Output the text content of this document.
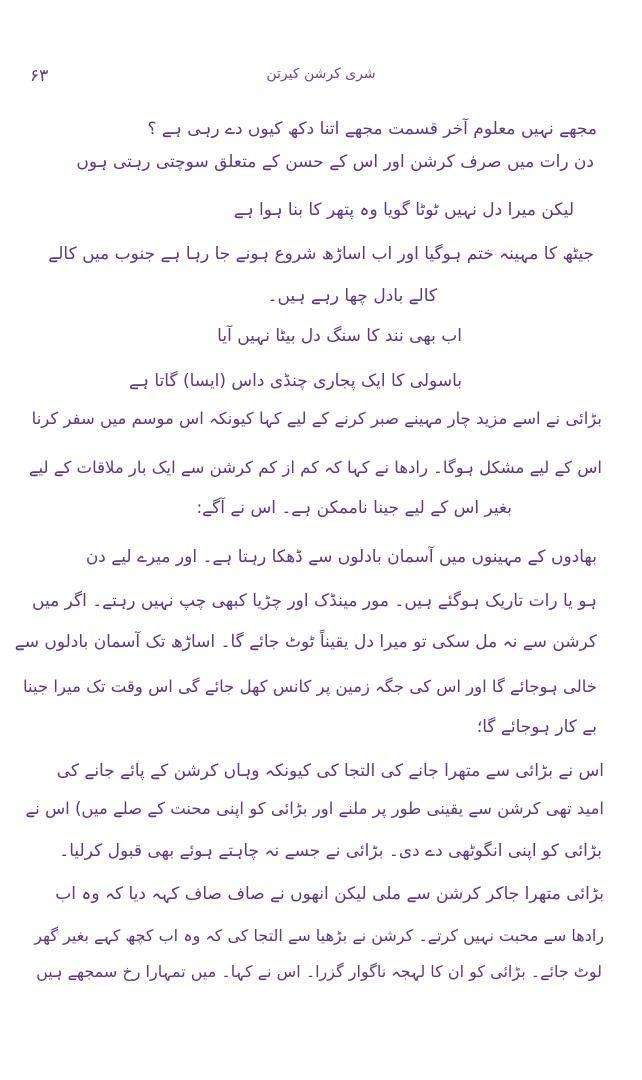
۶۳	شری کرشن کیرتن
مجھے نہیں معلوم آخر قسمت مجھے اتنا دکھ کیوں دے رہی ہے ؟
دن رات میں صرف کرشن اور اس کے حسن کے متعلق سوچتی رہتی ہوں
لیکن میرا دل نہیں ٹوٹا گویا وہ پتھر کا بنا ہوا ہے
جیٹھ کا مہینہ ختم ہوگیا اور اب اساڑھ شروع ہونے جا رہا ہے جنوب میں کالے
کالے بادل چھا رہے ہیں۔
اب بھی نند کا سنگ دل بیٹا نہیں آیا
باسولی کا ایک پجاری چنڈی داس (ایسا) گاتا ہے
بڑائی نے اسے مزید چار مہینے صبر کرنے کے لیے کہا کیونکہ اس موسم میں سفر کرنا
اس کے لیے مشکل ہوگا۔ رادھا نے کہا کہ کم از کم کرشن سے ایک بار ملاقات کے لیے
بغیر اس کے لیے جینا ناممکن ہے۔ اس نے آگے:
بھادوں کے مہینوں میں آسمان بادلوں سے ڈھکا رہتا ہے۔ اور میرے لیے دن
ہو یا رات تاریک ہوگئے ہیں۔ مور مینڈک اور چڑیا کبھی چپ نہیں رہتے۔ اگر میں
کرشن سے نہ مل سکی تو میرا دل یقیناً ٹوٹ جائے گا۔ اساڑھ تک آسمان بادلوں سے
خالی ہوجائے گا اور اس کی جگہ زمین پر کانس کھل جائے گی اس وقت تک میرا جینا
بے کار ہوجائے گا؛
اس نے بڑائی سے متھرا جانے کی التجا کی کیونکہ وہاں کرشن کے پائے جانے کی
امید تھی کرشن سے یقینی طور پر ملنے اور بڑائی کو اپنی محنت کے صلے میں) اس نے
بڑائی کو اپنی انگوٹھی دے دی۔ بڑائی نے جسے نہ چاہتے ہوئے بھی قبول کرلیا۔
بڑائی متھرا جاکر کرشن سے ملی لیکن انھوں نے صاف صاف کہہ دیا کہ وہ اب
رادھا سے محبت نہیں کرتے۔ کرشن نے بڑھیا سے التجا کی کہ وہ اب کچھ کہے بغیر گھر
لوٹ جائے۔ بڑائی کو ان کا لہجہ ناگوار گزرا۔ اس نے کہا۔ میں تمہارا رخ سمجھے ہیں
